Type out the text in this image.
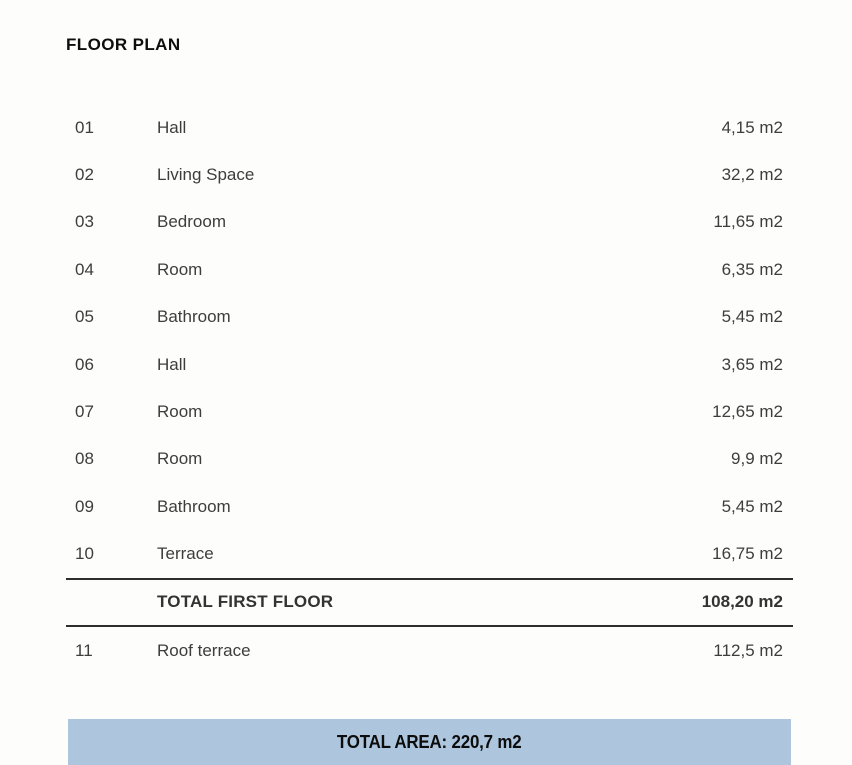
FLOOR PLAN
01	Hall	4,15 m2
02	Living Space	32,2 m2
03	Bedroom	11,65 m2
04	Room	6,35 m2
05	Bathroom	5,45 m2
06	Hall	3,65 m2
07	Room	12,65 m2
08	Room	9,9 m2
09	Bathroom	5,45 m2
10	Terrace	16,75 m2
TOTAL FIRST FLOOR	108,20 m2
11	Roof terrace	112,5 m2
TOTAL AREA: 220,7 m2
